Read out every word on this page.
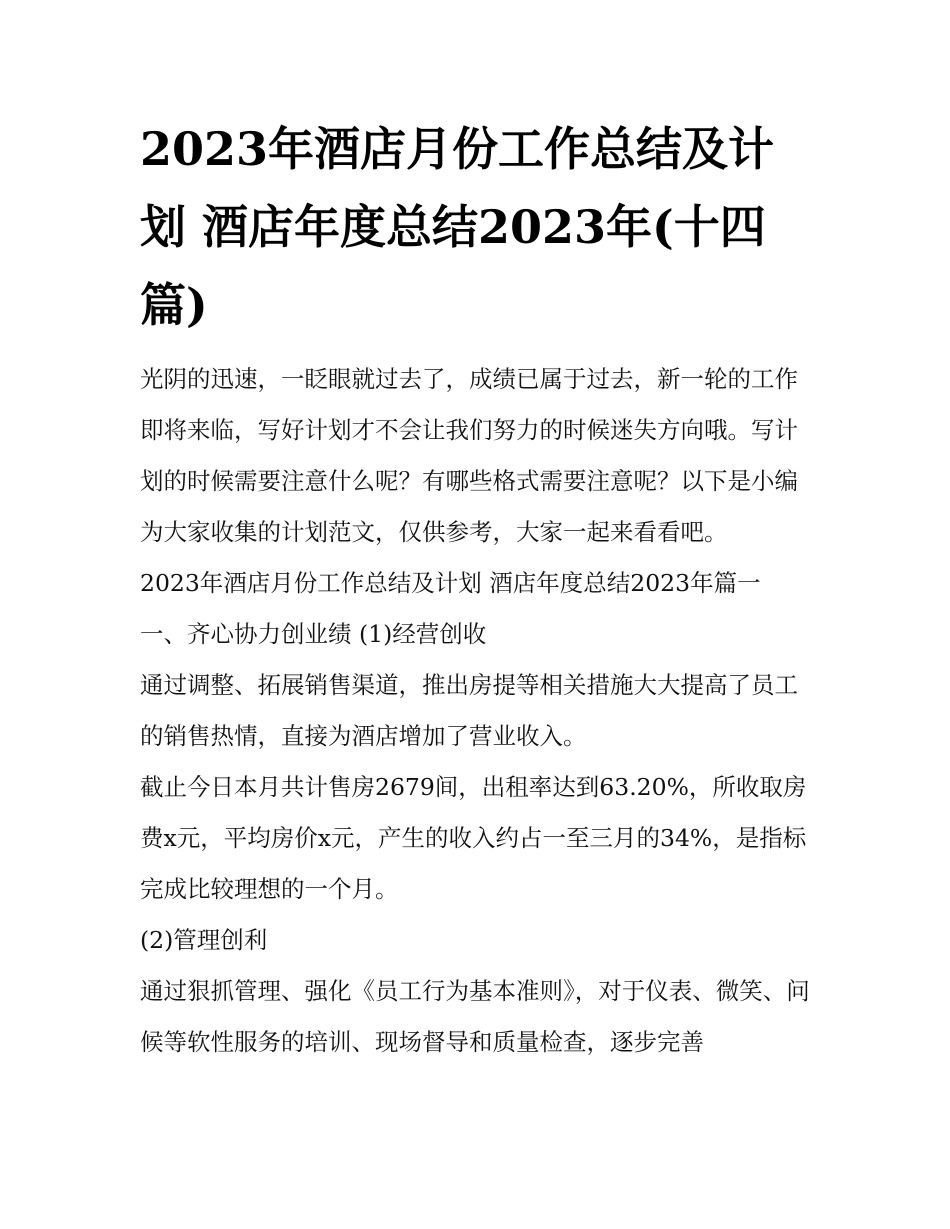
2023年酒店月份工作总结及计划 酒店年度总结2023年(十四篇)

光阴的迅速，一眨眼就过去了，成绩已属于过去，新一轮的工作即将来临，写好计划才不会让我们努力的时候迷失方向哦。写计划的时候需要注意什么呢？有哪些格式需要注意呢？以下是小编为大家收集的计划范文，仅供参考，大家一起来看看吧。

2023年酒店月份工作总结及计划 酒店年度总结2023年篇一

一、齐心协力创业绩 (1)经营创收

通过调整、拓展销售渠道，推出房提等相关措施大大提高了员工的销售热情，直接为酒店增加了营业收入。

截止今日本月共计售房2679间，出租率达到63.20%，所收取房费x元，平均房价x元，产生的收入约占一至三月的34%，是指标完成比较理想的一个月。

(2)管理创利

通过狠抓管理、强化《员工行为基本准则》，对于仪表、微笑、问候等软性服务的培训、现场督导和质量检查，逐步完善
